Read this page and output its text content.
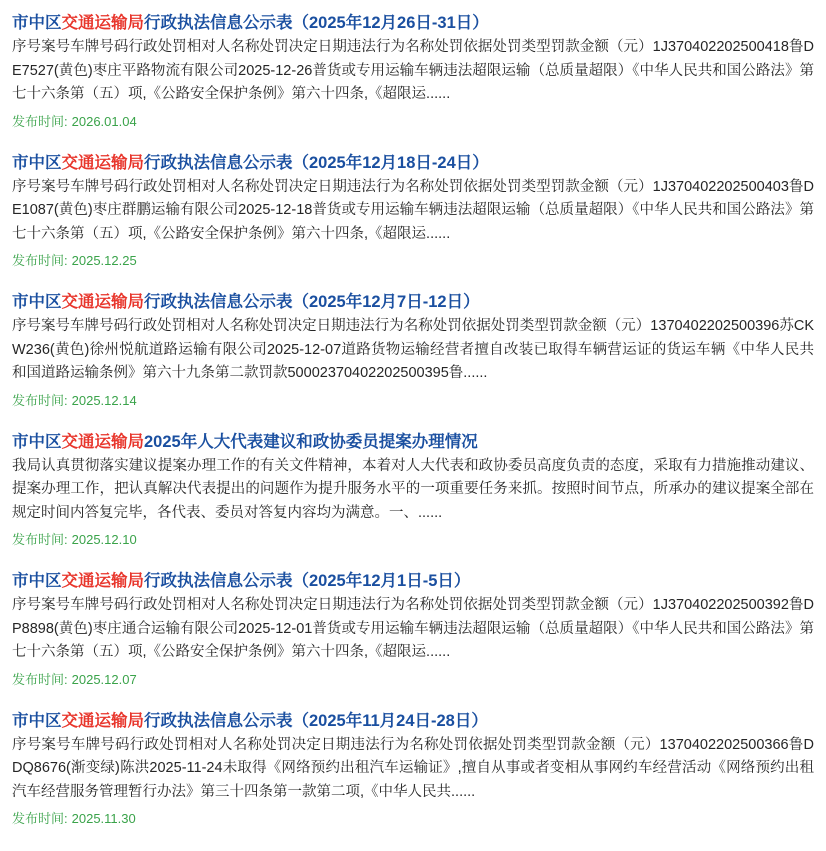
市中区交通运输局行政执法信息公示表（2025年12月26日-31日）

序号案号车牌号码行政处罚相对人名称处罚决定日期违法行为名称处罚依据处罚类型罚款金额（元）1J370402202500418鲁DE7527(黄色)枣庄平路物流有限公司2025-12-26普货或专用运输车辆违法超限运输（总质量超限）《中华人民共和国公路法》第七十六条第（五）项,《公路安全保护条例》第六十四条,《超限运......

发布时间: 2026.01.04
市中区交通运输局行政执法信息公示表（2025年12月18日-24日）

序号案号车牌号码行政处罚相对人名称处罚决定日期违法行为名称处罚依据处罚类型罚款金额（元）1J370402202500403鲁DE1087(黄色)枣庄群鹏运输有限公司2025-12-18普货或专用运输车辆违法超限运输（总质量超限）《中华人民共和国公路法》第七十六条第（五）项,《公路安全保护条例》第六十四条,《超限运......

发布时间: 2025.12.25
市中区交通运输局行政执法信息公示表（2025年12月7日-12日）

序号案号车牌号码行政处罚相对人名称处罚决定日期违法行为名称处罚依据处罚类型罚款金额（元）1370402202500396苏CKW236(黄色)徐州悦航道路运输有限公司2025-12-07道路货物运输经营者擅自改装已取得车辆营运证的货运车辆《中华人民共和国道路运输条例》第六十九条第二款罚款50002370402202500395鲁......

发布时间: 2025.12.14
市中区交通运输局2025年人大代表建议和政协委员提案办理情况

我局认真贯彻落实建议提案办理工作的有关文件精神，本着对人大代表和政协委员高度负责的态度，采取有力措施推动建议、提案办理工作，把认真解决代表提出的问题作为提升服务水平的一项重要任务来抓。按照时间节点，所承办的建议提案全部在规定时间内答复完毕，各代表、委员对答复内容均为满意。一、......

发布时间: 2025.12.10
市中区交通运输局行政执法信息公示表（2025年12月1日-5日）

序号案号车牌号码行政处罚相对人名称处罚决定日期违法行为名称处罚依据处罚类型罚款金额（元）1J370402202500392鲁DP8898(黄色)枣庄通合运输有限公司2025-12-01普货或专用运输车辆违法超限运输（总质量超限）《中华人民共和国公路法》第七十六条第（五）项,《公路安全保护条例》第六十四条,《超限运......

发布时间: 2025.12.07
市中区交通运输局行政执法信息公示表（2025年11月24日-28日）

序号案号车牌号码行政处罚相对人名称处罚决定日期违法行为名称处罚依据处罚类型罚款金额（元）1370402202500366鲁DDQ8676(渐变绿)陈洪2025-11-24未取得《网络预约出租汽车运输证》,擅自从事或者变相从事网约车经营活动《网络预约出租汽车经营服务管理暂行办法》第三十四条第一款第二项,《中华人民共......

发布时间: 2025.11.30
